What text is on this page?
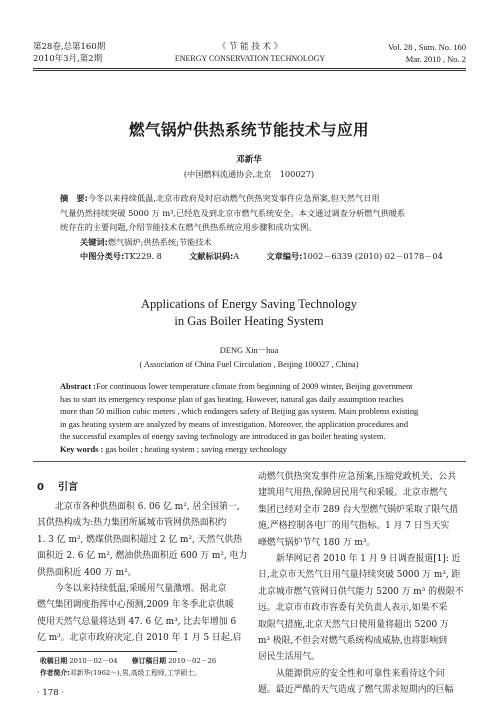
第28卷,总第160期
2010年3月,第2期
《 节 能 技 术 》
ENERGY CONSERVATION TECHNOLOGY
Vol. 28 , Sum. No. 160
Mar. 2010 , No. 2
燃气锅炉供热系统节能技术与应用
邓新华
(中国燃料流通协会,北京　100027)
摘　要:今冬以来持续低温,北京市政府及时启动燃气供热突发事件应急预案,但天然气日用
气量仍然持续突破 5000 万 m³,已经危及到北京市燃气系统安全。本文通过调查分析燃气供暖系
统存在的主要问题,介绍节能技术在燃气供热系统应用步骤和成功实例。
关键词:燃气锅炉;供热系统;节能技术
中图分类号:TK229. 8	文献标识码:A	文章编号:1002－6339 (2010) 02－0178－04
Applications of Energy Saving Technology
in Gas Boiler Heating System
DENG Xin－hua
( Association of China Fuel Circulation , Beijing 100027 , China)
Abstract :For continuous lower temperature climate from beginning of 2009 winter, Beijing government
has to start its emergency response plan of gas heating. However, natural gas daily assumption reaches
more than 50 million cubic meters , which endangers safety of Beijing gas system. Main problems existing
in gas heating system are analyzed by means of investigation. Moreover, the application procedures and
the successful examples of energy saving technology are introduced in gas boiler heating system.
Key words : gas boiler ; heating system ; saving energy technology
0 引言
北京市各种供热面积 6. 06 亿 m², 居全国第一,
其供热构成为:热力集团所属城市管网供热面积约
1. 3 亿 m², 燃煤供热面积超过 2 亿 m², 天然气供热
面积近 2. 6 亿 m², 燃油供热面积近 600 万 m², 电力
供热面积近 400 万 m²。
今冬以来持续低温,采暖用气量激增。据北京
燃气集团调度指挥中心预测,2009 年冬季北京供暖
使用天然气总量将达到 47. 6 亿 m³, 比去年增加 6
亿 m³。北京市政府决定,自 2010 年 1 月 5 日起,启
收稿日期 2010－02－04 修订稿日期 2010－02－26
作者简介:邓新华(1962～),男,高级工程师,工学硕士。
· 178 ·
动燃气供热突发事件应急预案,压缩党政机关、公共
建筑用气用热,保障居民用气和采暖。北京市燃气
集团已经对全市 289 台大型燃气锅炉采取了限气措
施,严格控制各电厂的用气指标。1 月 7 日当天实
峰燃气锅炉节气 180 万 m³。
新华网记者 2010 年 1 月 9 日调查报道[1]: 近
日,北京市天然气日用气量持续突破 5000 万 m³, 距
北京城市燃气管网日供气能力 5200 万 m³ 的极限不
远。北京市市政市容委有关负责人表示,如果不采
取限气措施,北京天然气日使用量将超出 5200 万
m³ 极限,不但会对燃气系统构成威胁,也将影响到
居民生活用气。
从能源供应的安全性和可靠性来看待这个问
题。最近严酷的天气造成了燃气需求短期内的巨幅
